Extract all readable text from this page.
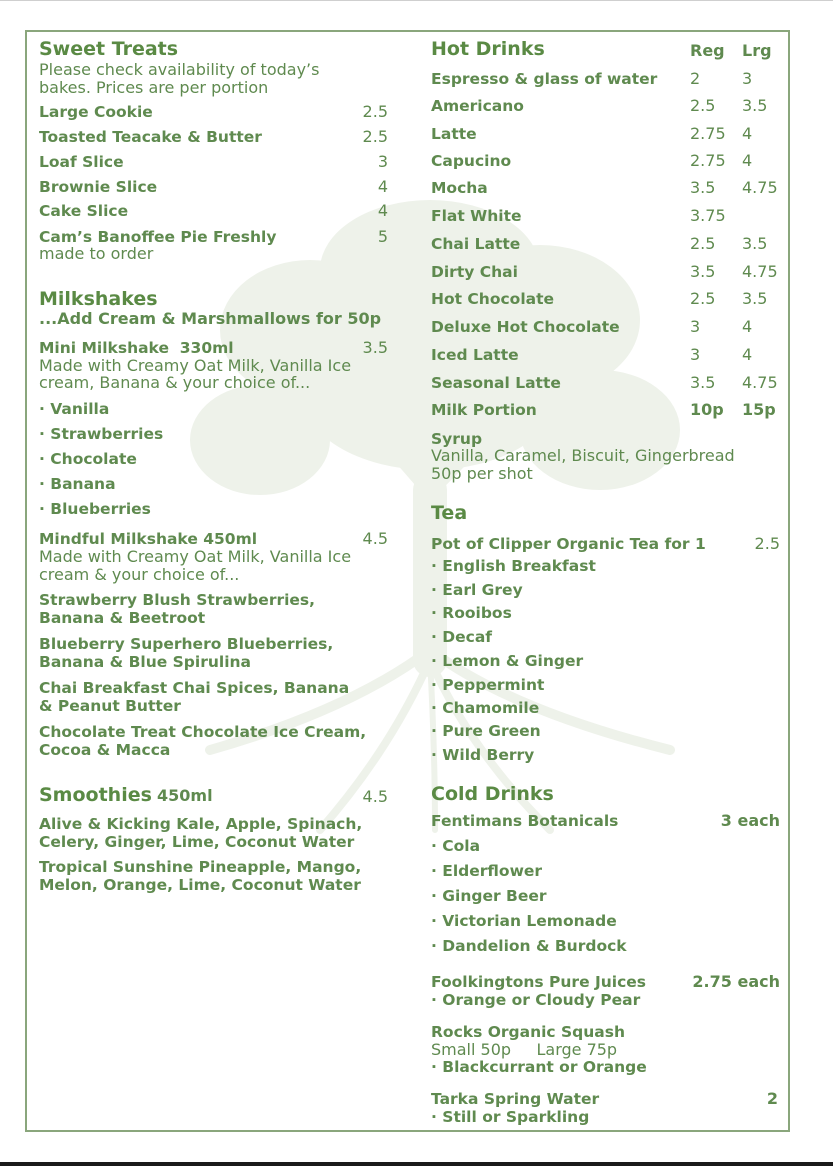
Sweet Treats
Please check availability of today’s
bakes. Prices are per portion
Large Cookie	2.5
Toasted Teacake & Butter	2.5
Loaf Slice	3
Brownie Slice	4
Cake Slice	4
Cam’s Banoffee Pie Freshly	5
made to order
Milkshakes
...Add Cream & Marshmallows for 50p
Mini Milkshake 330ml	3.5
Made with Creamy Oat Milk, Vanilla Ice
cream, Banana & your choice of...
· Vanilla
· Strawberries
· Chocolate
· Banana
· Blueberries
Mindful Milkshake 450ml	4.5
Made with Creamy Oat Milk, Vanilla Ice
cream & your choice of...
Strawberry Blush Strawberries,
Banana & Beetroot
Blueberry Superhero Blueberries,
Banana & Blue Spirulina
Chai Breakfast Chai Spices, Banana
& Peanut Butter
Chocolate Treat Chocolate Ice Cream,
Cocoa & Macca
Smoothies 450ml	4.5
Alive & Kicking Kale, Apple, Spinach,
Celery, Ginger, Lime, Coconut Water
Tropical Sunshine Pineapple, Mango,
Melon, Orange, Lime, Coconut Water
Hot Drinks	Reg Lrg
Espresso & glass of water 2	3
Americano	2.5 3.5
Latte	2.75 4
Capucino	2.75 4
Mocha	3.5 4.75
Flat White	3.75
Chai Latte	2.5 3.5
Dirty Chai	3.5 4.75
Hot Chocolate	2.5 3.5
Deluxe Hot Chocolate	3	4
Iced Latte	3	4
Seasonal Latte	3.5 4.75
Milk Portion	10p 15p
Syrup
Vanilla, Caramel, Biscuit, Gingerbread
50p per shot
Tea
Pot of Clipper Organic Tea for 1	2.5
· English Breakfast
· Earl Grey
· Rooibos
· Decaf
· Lemon & Ginger
· Peppermint
· Chamomile
· Pure Green
· Wild Berry
Cold Drinks
Fentimans Botanicals	3 each
· Cola
· Elderflower
· Ginger Beer
· Victorian Lemonade
· Dandelion & Burdock
Foolkingtons Pure Juices	2.75 each
· Orange or Cloudy Pear
Rocks Organic Squash
Small 50p     Large 75p
· Blackcurrant or Orange
Tarka Spring Water	2
· Still or Sparkling
